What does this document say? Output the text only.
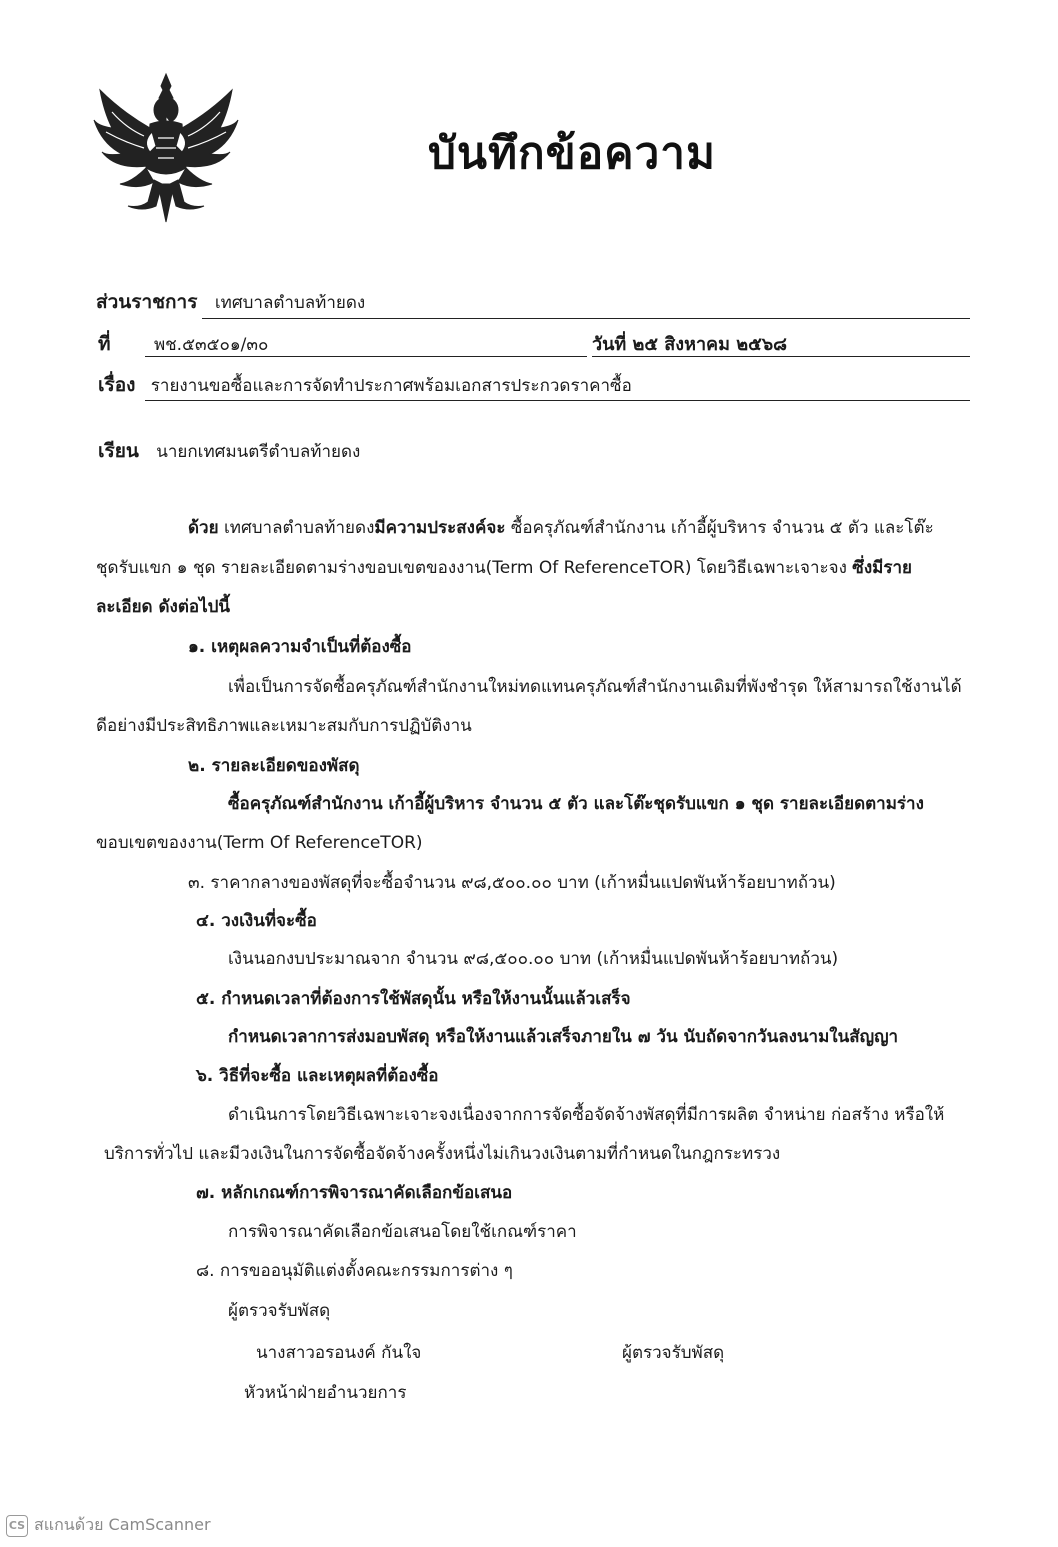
บันทึกข้อความ
ส่วนราชการ เทศบาลตำบลท้ายดง
ที่	พช.๕๓๕๐๑/๓๐	วันที่ ๒๕ สิงหาคม ๒๕๖๘
เรื่อง รายงานขอซื้อและการจัดทำประกาศพร้อมเอกสารประกวดราคาซื้อ
เรียน นายกเทศมนตรีตำบลท้ายดง
ด้วย เทศบาลตำบลท้ายดงมีความประสงค์จะ ซื้อครุภัณฑ์สำนักงาน เก้าอี้ผู้บริหาร จำนวน ๕ ตัว และโต๊ะ
ชุดรับแขก ๑ ชุด รายละเอียดตามร่างขอบเขตของงาน(Term Of ReferenceTOR) โดยวิธีเฉพาะเจาะจง ซึ่งมีราย
ละเอียด ดังต่อไปนี้
๑. เหตุผลความจำเป็นที่ต้องซื้อ
เพื่อเป็นการจัดซื้อครุภัณฑ์สำนักงานใหม่ทดแทนครุภัณฑ์สำนักงานเดิมที่พังชำรุด ให้สามารถใช้งานได้
ดีอย่างมีประสิทธิภาพและเหมาะสมกับการปฏิบัติงาน
๒. รายละเอียดของพัสดุ
ซื้อครุภัณฑ์สำนักงาน เก้าอี้ผู้บริหาร จำนวน ๕ ตัว และโต๊ะชุดรับแขก ๑ ชุด รายละเอียดตามร่าง
ขอบเขตของงาน(Term Of ReferenceTOR)
๓. ราคากลางของพัสดุที่จะซื้อจำนวน ๙๘,๕๐๐.๐๐ บาท (เก้าหมื่นแปดพันห้าร้อยบาทถ้วน)
๔. วงเงินที่จะซื้อ
เงินนอกงบประมาณจาก จำนวน ๙๘,๕๐๐.๐๐ บาท (เก้าหมื่นแปดพันห้าร้อยบาทถ้วน)
๕. กำหนดเวลาที่ต้องการใช้พัสดุนั้น หรือให้งานนั้นแล้วเสร็จ
กำหนดเวลาการส่งมอบพัสดุ หรือให้งานแล้วเสร็จภายใน ๗ วัน นับถัดจากวันลงนามในสัญญา
๖. วิธีที่จะซื้อ และเหตุผลที่ต้องซื้อ
ดำเนินการโดยวิธีเฉพาะเจาะจงเนื่องจากการจัดซื้อจัดจ้างพัสดุที่มีการผลิต จำหน่าย ก่อสร้าง หรือให้
บริการทั่วไป และมีวงเงินในการจัดซื้อจัดจ้างครั้งหนึ่งไม่เกินวงเงินตามที่กำหนดในกฎกระทรวง
๗. หลักเกณฑ์การพิจารณาคัดเลือกข้อเสนอ
การพิจารณาคัดเลือกข้อเสนอโดยใช้เกณฑ์ราคา
๘. การขออนุมัติแต่งตั้งคณะกรรมการต่าง ๆ
ผู้ตรวจรับพัสดุ
นางสาวอรอนงค์ กันใจ	ผู้ตรวจรับพัสดุ
หัวหน้าฝ่ายอำนวยการ
CS สแกนด้วย CamScanner
